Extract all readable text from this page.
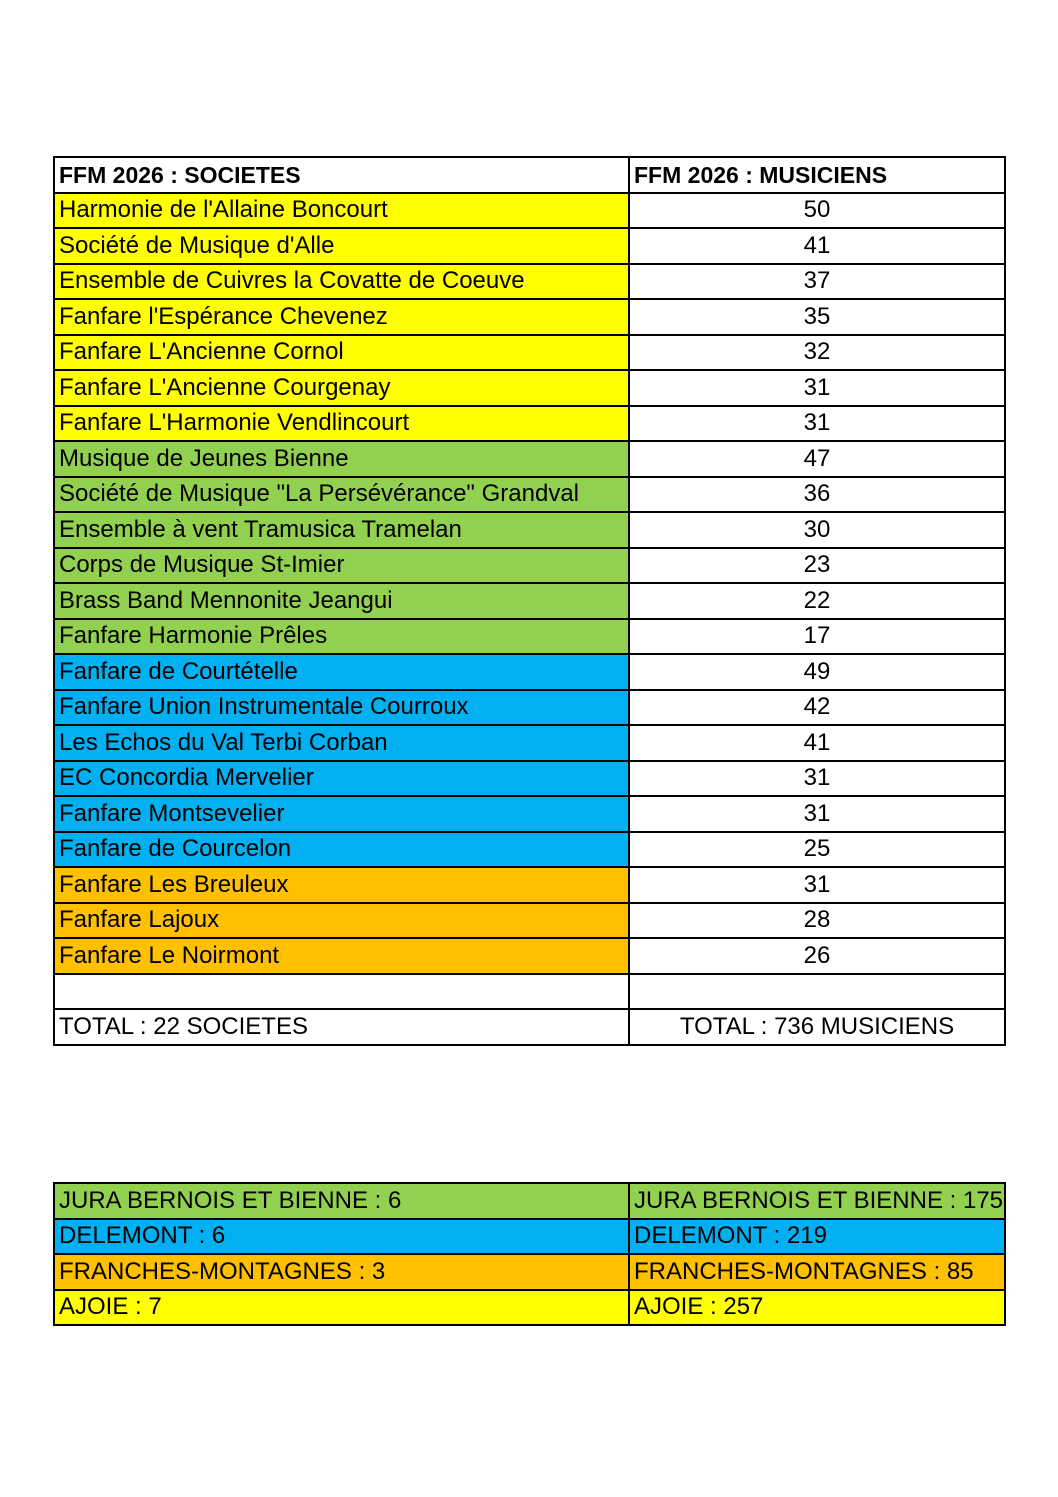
FFM 2026 : SOCIETES	FFM 2026 : MUSICIENS
Harmonie de l'Allaine Boncourt	50
Société de Musique d'Alle	41
Ensemble de Cuivres la Covatte de Coeuve	37
Fanfare l'Espérance Chevenez	35
Fanfare L'Ancienne Cornol	32
Fanfare L'Ancienne Courgenay	31
Fanfare L'Harmonie Vendlincourt	31
Musique de Jeunes Bienne	47
Société de Musique "La Persévérance" Grandval	36
Ensemble à vent Tramusica Tramelan	30
Corps de Musique St-Imier	23
Brass Band Mennonite Jeangui	22
Fanfare Harmonie Prêles	17
Fanfare de Courtételle	49
Fanfare Union Instrumentale Courroux	42
Les Echos du Val Terbi Corban	41
EC Concordia Mervelier	31
Fanfare Montsevelier	31
Fanfare de Courcelon	25
Fanfare Les Breuleux	31
Fanfare Lajoux	28
Fanfare Le Noirmont	26

TOTAL : 22 SOCIETES	TOTAL : 736 MUSICIENS
JURA BERNOIS ET BIENNE : 6	JURA BERNOIS ET BIENNE : 175
DELEMONT : 6	DELEMONT : 219
FRANCHES-MONTAGNES : 3	FRANCHES-MONTAGNES : 85
AJOIE : 7	AJOIE : 257
